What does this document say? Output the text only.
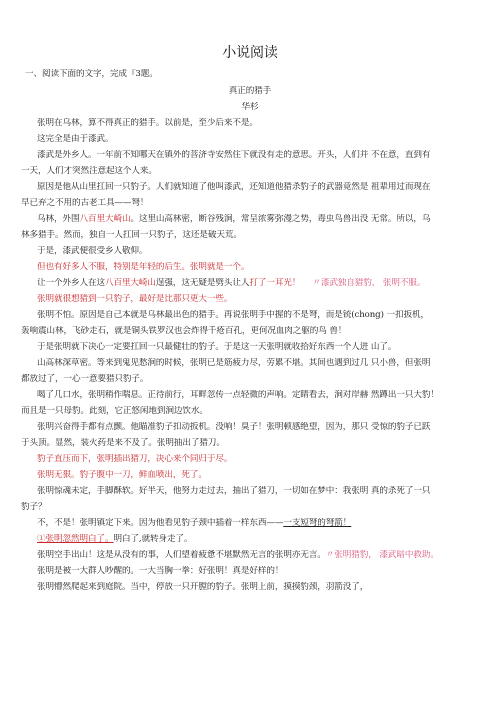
小说阅读
一、阅读下面的文字，完成『3题。
真正的猎手
华杉
张明在乌林，算不得真正的猎手。以前是，至少后来不是。
这完全是由于漆武。
漆武是外乡人。一年前不知哪天在镇外的菩济寺安然住下就没有走的意思。开头，人们并 不在意，直到有
一天，人们才突然注意起这个人来。
原因是他从山里扛回一只豹子。人们就知道了他叫漆武，还知道他猎杀豹子的武器竟然是 祖辈用过而现在
早已弃之不用的古老工具——弩！
乌林，外围八百里大崎山。这里山高林密，断谷残涧，常呈浓雾弥漫之势，毒虫鸟兽出没 无常。所以，乌
林多猎手。然而，独自一人扛回一只豹子，这还是破天荒。
于是，漆武便很受乡人敬仰。
但也有好多人不服，特别是年轻的后生。张明就是一个。
让一个外乡人在这八百里大崎山逞强，这无疑是劈头让人打了一耳光！ 〃漆武独自猎豹， 张明不服。
张明就很想猎到一只豹子，最好是比那只更大一些。
张明不怕。原因是自己本就是乌林最出色的猎手。再说张明手中握的不是弩，而是铳(chong) 一扣扳机，
轰响震山林，飞砂走石，就是铜头铁罗汉也会炸得千疮百孔，更何况血肉之躯的鸟 兽！
于是张明就下决心一定要扛回一只最健壮的豹子。于是这一天张明就收拾好东西一个人进 山了。
山高林深草密。等来到鬼见愁涧的时候，张明已是筋疲力尽，劳累不堪。其间也遇到过几 只小兽，但张明
都放过了，一心一意要猎只豹子。
喝了几口水，张明稍作喘息。正待前行，耳畔忽传一点轻微的声响。定睛看去，涧对岸赫 然蹲出一只大豹！
而且是一只母豹。此刻，它正悠闲地到涧边饮水。
张明兴奋得手都有点颤。他瞄准豹子扣动扳机。没响！臭子！张明顿感绝望，因为，那只 受惊的豹子已跃
于头顶。显然，装火药是来不及了。张明抽出了猎刀。
豹子直压而下，张明插出猎刀，决心来个同归于尽。
张明无狠。豹子腹中一刀，鲜血喷出，死了。
张明惊魂未定，手脚酥软。好半天，他努力走过去，抽出了猎刀，一切如在梦中：我张明 真的杀死了一只
豹子？
不，不是！张明镇定下来。因为他看见豹子颈中插着一样东西——一支短弩的弩箭！
①张明忽然明白了。明白了,就转身走了。
张明空手出山！这是从没有的事，人们望着疲惫不堪默然无言的张明亦无言。〃张明猎豹， 漆武暗中救助。
张明是被一大群人吵醒的。一大当胸一拳：好张明！真是好样的！
张明懵然爬起来到庭院。当中，停放一只开膛的豹子。张明上前，摸摸豹颈，羽箭没了，
